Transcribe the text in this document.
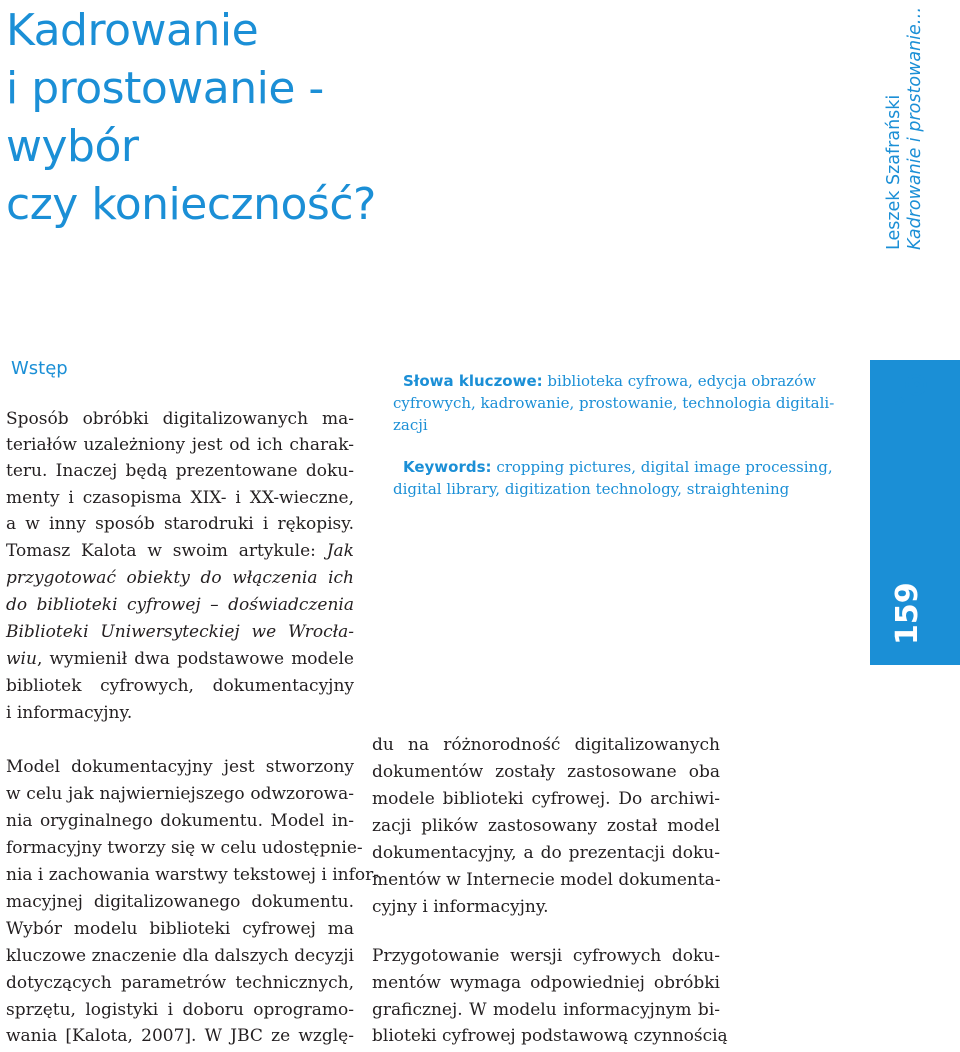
Kadrowanie
i prostowanie -
wybór
czy konieczność?	Leszek Szafrański Kadrowanie i prostowanie…
Słowa kluczowe: biblioteka cyfrowa, edycja obrazów
cyfrowych, kadrowanie, prostowanie, technologia digitali-
zacji
Keywords: cropping pictures, digital image processing,
digital library, digitization technology, straightening
159
Wstęp
Sposób obróbki digitalizowanych ma-
teriałów uzależniony jest od ich charak-
teru. Inaczej będą prezentowane doku-
menty i czasopisma XIX- i XX-wieczne,
a w inny sposób starodruki i rękopisy.
Tomasz Kalota w swoim artykule: Jak
przygotować obiekty do włączenia ich
do biblioteki cyfrowej – doświadczenia
Biblioteki Uniwersyteckiej we Wrocła-
wiu, wymienił dwa podstawowe modele
bibliotek cyfrowych, dokumentacyjny
i informacyjny.
Model dokumentacyjny jest stworzony
w celu jak najwierniejszego odwzorowa-
nia oryginalnego dokumentu. Model in-
formacyjny tworzy się w celu udostępnie-
nia i zachowania warstwy tekstowej i infor-
macyjnej digitalizowanego dokumentu.
Wybór modelu biblioteki cyfrowej ma
kluczowe znaczenie dla dalszych decyzji
dotyczących parametrów technicznych,
sprzętu, logistyki i doboru oprogramo-
wania [Kalota, 2007]. W JBC ze wzglę-
du na różnorodność digitalizowanych
dokumentów zostały zastosowane oba
modele biblioteki cyfrowej. Do archiwi-
zacji plików zastosowany został model
dokumentacyjny, a do prezentacji doku-
mentów w Internecie model dokumenta-
cyjny i informacyjny.
Przygotowanie wersji cyfrowych doku-
mentów wymaga odpowiedniej obróbki
graficznej. W modelu informacyjnym bi-
blioteki cyfrowej podstawową czynnością
